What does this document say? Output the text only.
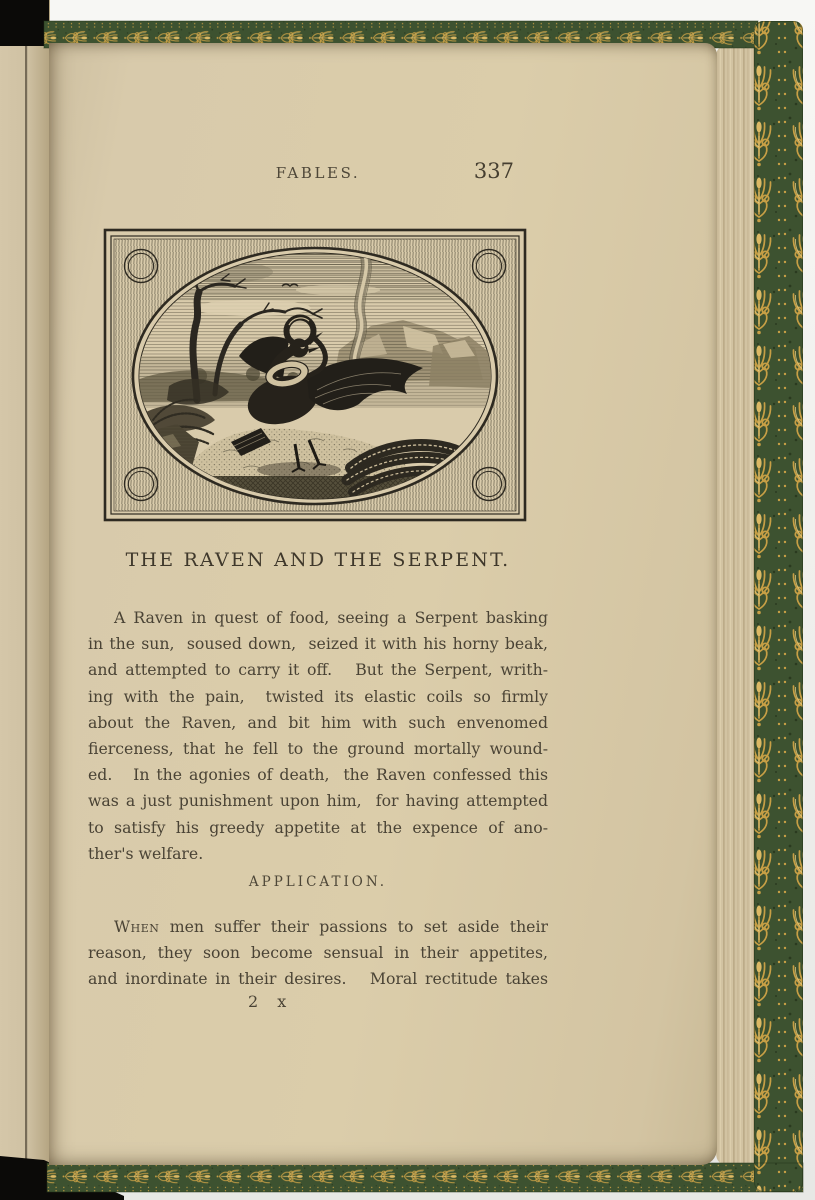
FABLES.	337
THE RAVEN AND THE SERPENT.
A Raven in quest of food, seeing a Serpent basking
in the sun,  soused down,  seized it with his horny beak,
and attempted to carry it off.   But the Serpent, writh-
ing with the pain,  twisted its elastic coils so firmly
about the Raven, and bit him with such envenomed
fierceness, that he fell to the ground mortally wound-
ed.   In the agonies of death,  the Raven confessed this
was a just punishment upon him,  for having attempted
to satisfy his greedy appetite at the expence of ano-
ther's welfare.
APPLICATION.
When men suffer their passions to set aside their
reason, they soon become sensual in their appetites,
and inordinate in their desires.   Moral rectitude takes
2 x
